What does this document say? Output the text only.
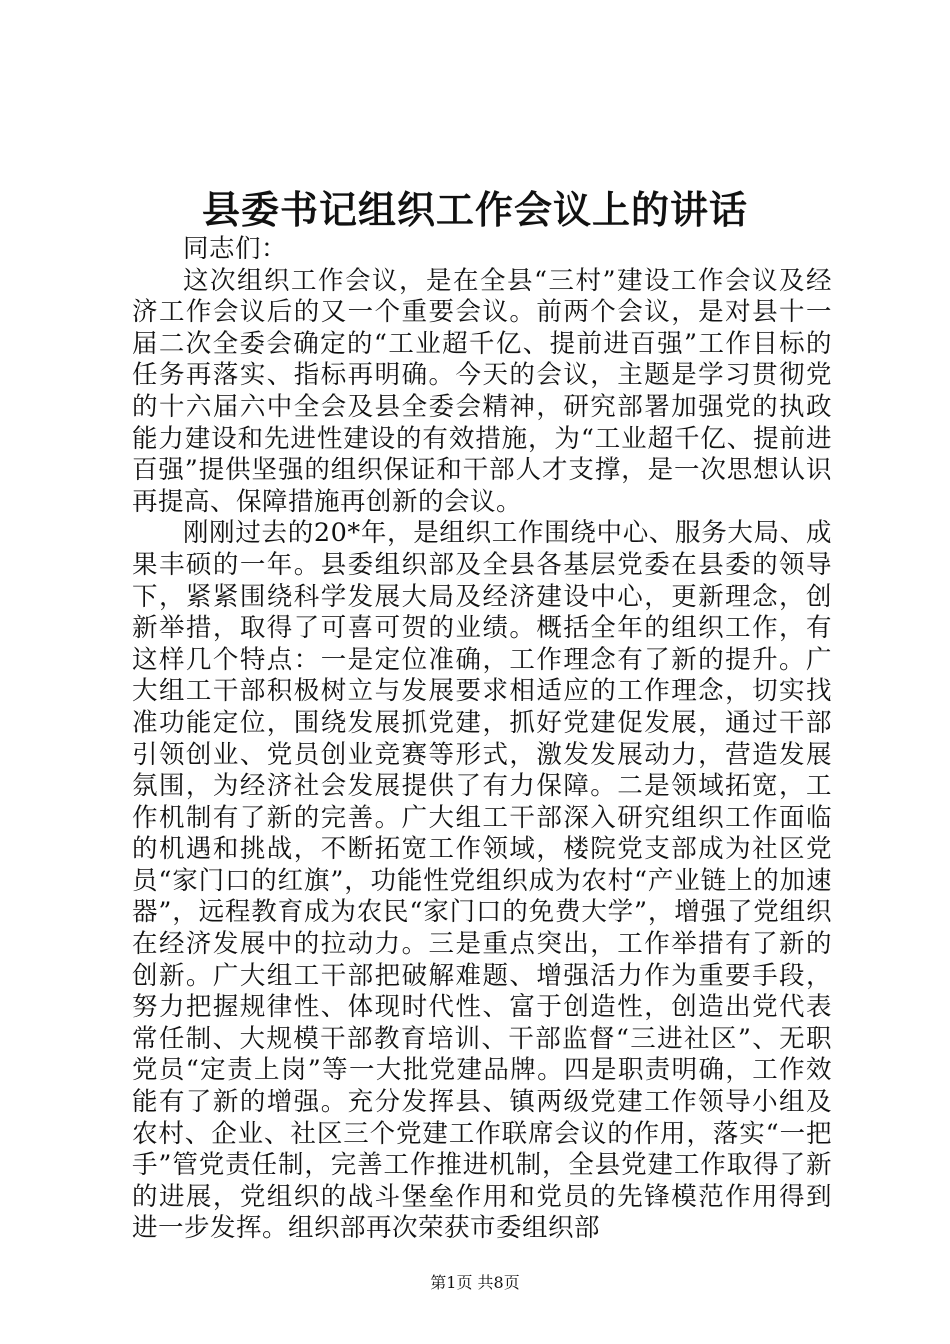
县委书记组织工作会议上的讲话

同志们：

这次组织工作会议，是在全县“三村”建设工作会议及经济工作会议后的又一个重要会议。前两个会议，是对县十一届二次全委会确定的“工业超千亿、提前进百强”工作目标的任务再落实、指标再明确。今天的会议，主题是学习贯彻党的十六届六中全会及县全委会精神，研究部署加强党的执政能力建设和先进性建设的有效措施，为“工业超千亿、提前进百强”提供坚强的组织保证和干部人才支撑，是一次思想认识再提高、保障措施再创新的会议。

刚刚过去的20*年，是组织工作围绕中心、服务大局、成果丰硕的一年。县委组织部及全县各基层党委在县委的领导下，紧紧围绕科学发展大局及经济建设中心，更新理念，创新举措，取得了可喜可贺的业绩。概括全年的组织工作，有这样几个特点：一是定位准确，工作理念有了新的提升。广大组工干部积极树立与发展要求相适应的工作理念，切实找准功能定位，围绕发展抓党建，抓好党建促发展，通过干部引领创业、党员创业竞赛等形式，激发发展动力，营造发展氛围，为经济社会发展提供了有力保障。二是领域拓宽，工作机制有了新的完善。广大组工干部深入研究组织工作面临的机遇和挑战，不断拓宽工作领域，楼院党支部成为社区党员“家门口的红旗”，功能性党组织成为农村“产业链上的加速器”，远程教育成为农民“家门口的免费大学”，增强了党组织在经济发展中的拉动力。三是重点突出，工作举措有了新的创新。广大组工干部把破解难题、增强活力作为重要手段，努力把握规律性、体现时代性、富于创造性，创造出党代表常任制、大规模干部教育培训、干部监督“三进社区”、无职党员“定责上岗”等一大批党建品牌。四是职责明确，工作效能有了新的增强。充分发挥县、镇两级党建工作领导小组及农村、企业、社区三个党建工作联席会议的作用，落实“一把手”管党责任制，完善工作推进机制，全县党建工作取得了新的进展，党组织的战斗堡垒作用和党员的先锋模范作用得到进一步发挥。组织部再次荣获市委组织部

第1页 共8页
